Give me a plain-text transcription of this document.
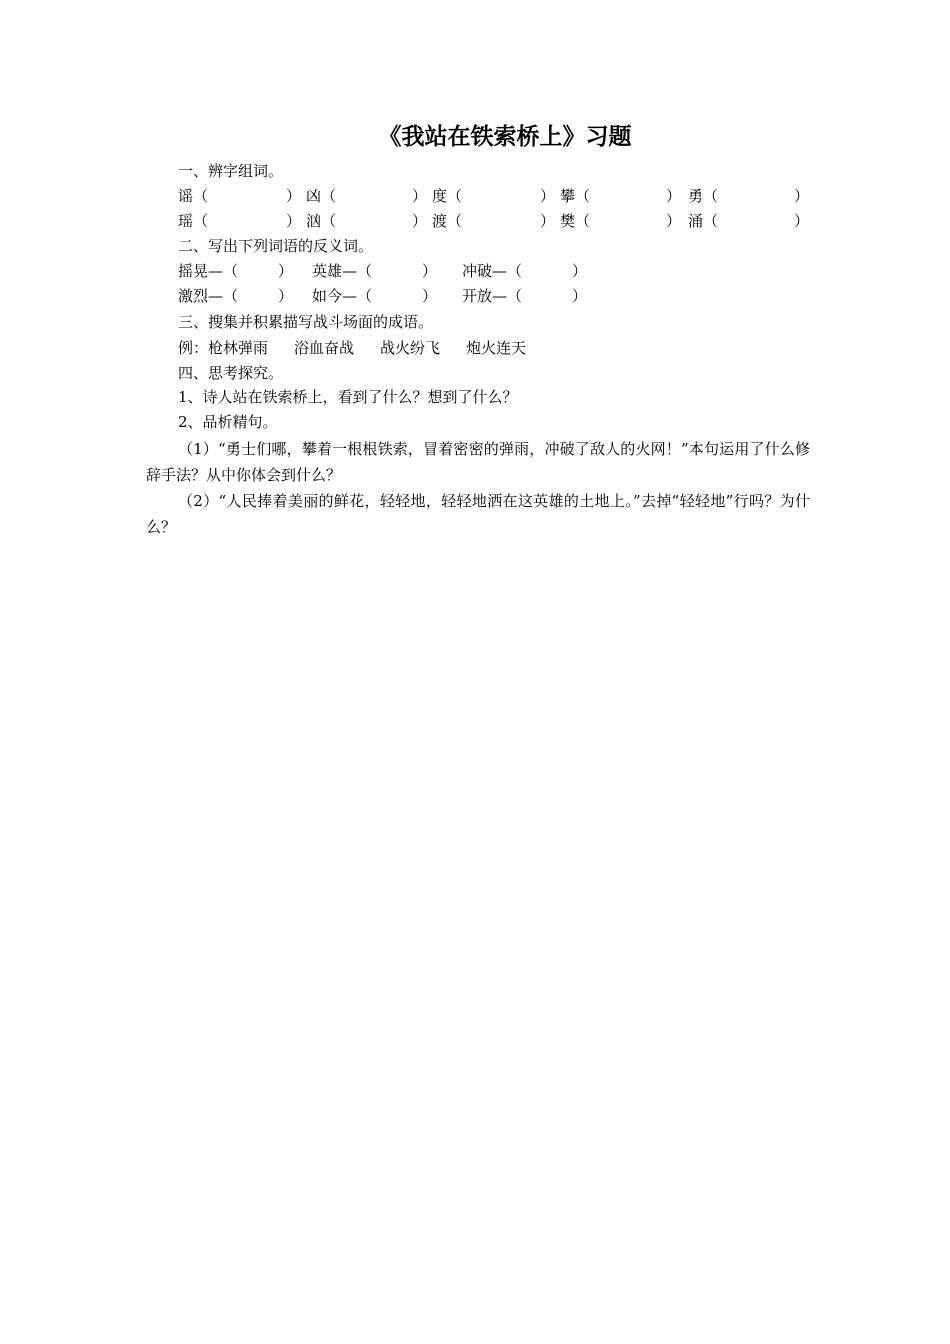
《我站在铁索桥上》习题
一、辨字组词。
谣（	） 凶（	） 度（	） 攀（	） 勇（	）
瑶（	） 汹（	） 渡（	） 樊（	） 涌（	）
二、写出下列词语的反义词。
摇晃—（	） 英雄—（	） 冲破—（	）
激烈—（	） 如今—（	） 开放—（	）
三、搜集并积累描写战斗场面的成语。
例：枪林弹雨 浴血奋战 战火纷飞 炮火连天
四、思考探究。
1、诗人站在铁索桥上，看到了什么？想到了什么？
2、品析精句。
（1）“勇士们哪，攀着一根根铁索，冒着密密的弹雨，冲破了敌人的火网！”本句运用了什么修辞手法？从中你体会到什么？
（2）“人民捧着美丽的鲜花，轻轻地，轻轻地洒在这英雄的土地上。”去掉“轻轻地”行吗？为什么？
